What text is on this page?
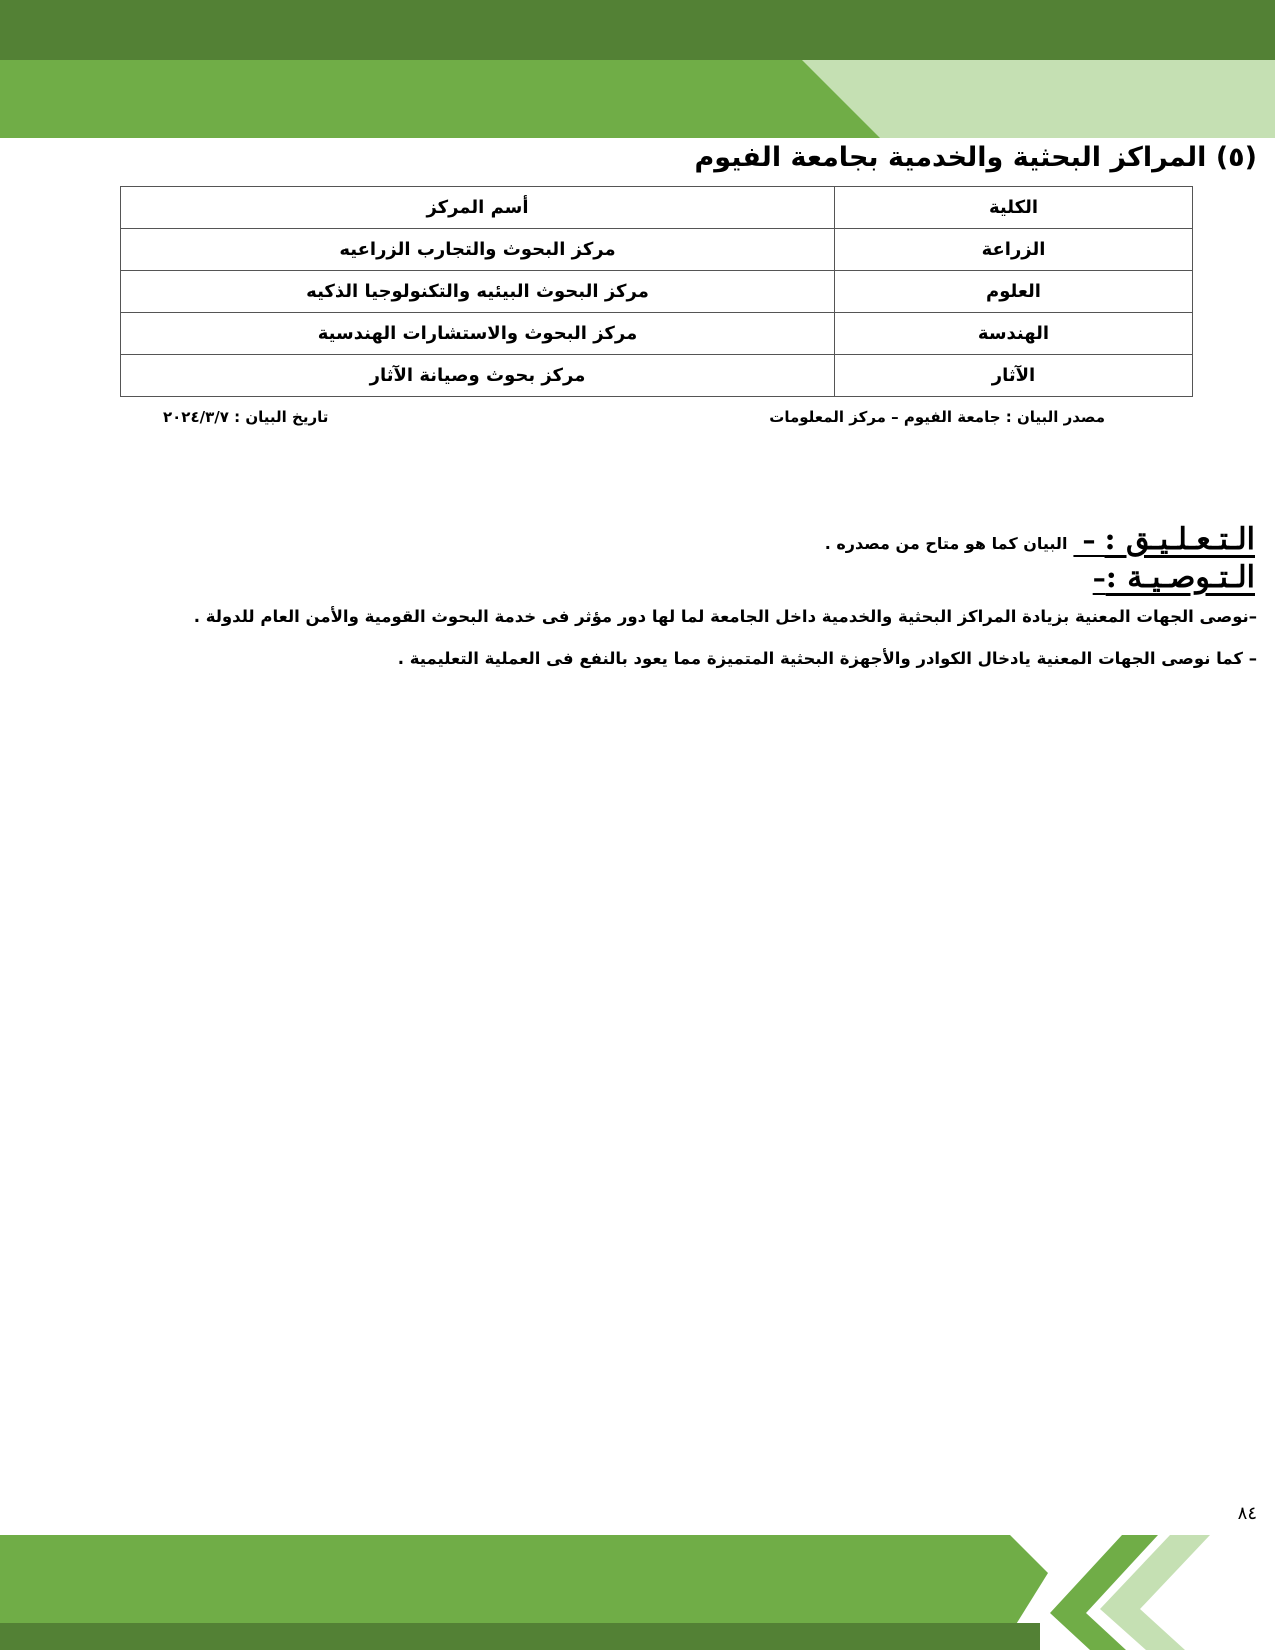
(٥) المراكز البحثية والخدمية بجامعة الفيوم
الكلية	أسم المركز
الزراعة	مركز البحوث والتجارب الزراعيه
العلوم	مركز البحوث البيئيه والتكنولوجيا الذكيه
الهندسة	مركز البحوث والاستشارات الهندسية
الآثار	مركز بحوث وصيانة الآثار
مصدر البيان : جامعة الفيوم – مركز المعلومات
تاريخ البيان : ٢٠٢٤/٣/٧
الـتـعـلـيـق : – البيان كما هو متاح من مصدره .
الـتـوصـيـة :–

–نوصى الجهات المعنية بزيادة المراكز البحثية والخدمية داخل الجامعة لما لها دور مؤثر فى خدمة البحوث القومية والأمن العام للدولة .

– كما نوصى الجهات المعنية يادخال الكوادر والأجهزة البحثية المتميزة مما يعود بالنفع فى العملية التعليمية .

٨٤
